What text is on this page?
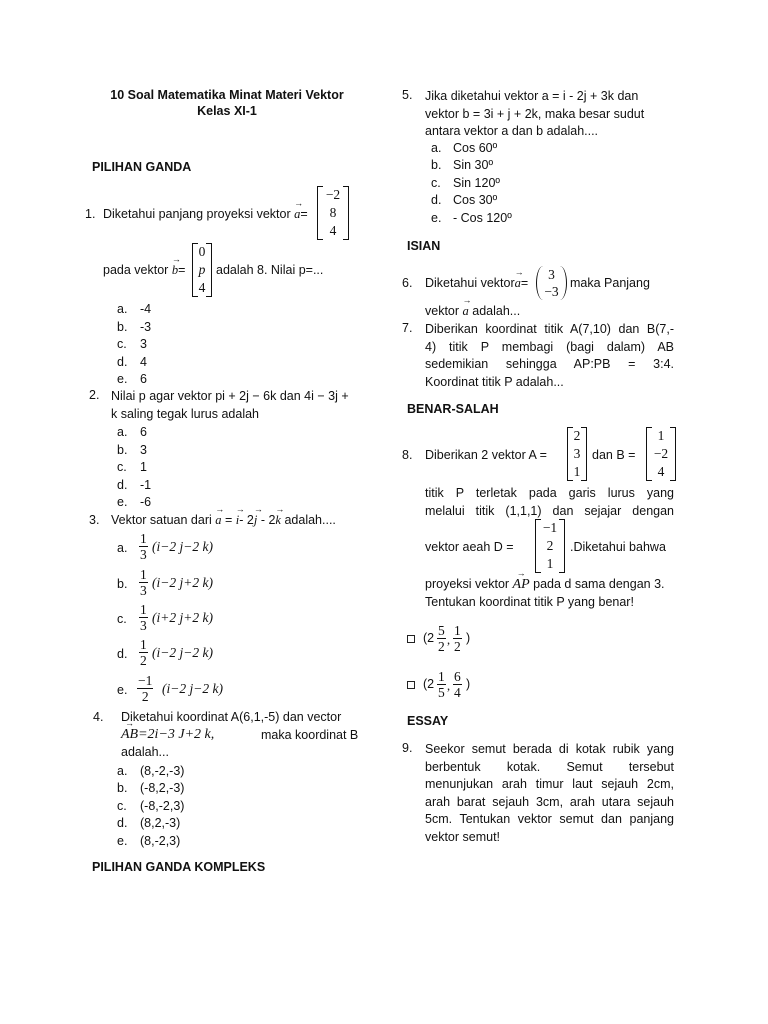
10 Soal Matematika Minat Materi Vektor
Kelas XI-1
PILIHAN GANDA
1. Diketahui panjang proyeksi vektor → a=
−2
8
4
pada vektor → b=
0
p
4
adalah 8. Nilai p=...
a. -4
b. -3
c. 3
d. 4
e. 6
2. Nilai p agar vektor pi + 2j − 6k dan 4i − 3j +
k saling tegak lurus adalah
a. 6
b. 3
c. 1
d. -1
e. -6
3. Vektor satuan dari → a = → i- 2→ j - 2→ k adalah....
a. $\frac{1}{3} (i-2$ j−2 k)
b. $\frac{1}{3} (i-2$ j+2 k)
c. $\frac{1}{3} (i+2$ j+2 k)
d. $\frac{1}{2} (i-2$ j−2 k)
e. $\frac{-1}{2} (i-2$ j−2 k)
4. Diketahui koordinat A(6,1,-5) dan vector
→ AB=2i−3 J+2 k,	maka koordinat B
adalah...
a. (8,-2,-3)
b. (-8,2,-3)
c. (-8,-2,3)
d. (8,2,-3)
e. (8,-2,3)
PILIHAN GANDA KOMPLEKS
5. Jika diketahui vektor a = i - 2j + 3k dan
vektor b = 3i + j + 2k, maka besar sudut
antara vektor a dan b adalah....
a. Cos 60º
b. Sin 30º
c. Sin 120º
d. Cos 30º
e. - Cos 120º
ISIAN
6. Diketahui vektor→ a=
3
−3
maka Panjang
vektor → a adalah...
7. Diberikan koordinat titik A(7,10) dan B(7,-
4) titik P membagi (bagi dalam) AB
sedemikian sehingga AP:PB = 3:4.
Koordinat titik P adalah...
BENAR-SALAH
8. Diberikan 2 vektor A =
2
3
1
dan B =
1
−2
4
titik P terletak pada garis lurus yang
melalui titik (1,1,1) dan sejajar dengan
vektor aeah D =
−1
2
1
.Diketahui bahwa
proyeksi vektor → AP pada d sama dengan 3.
Tentukan koordinat titik P yang benar!
($2 \frac{5}{2}$ , $\frac{1}{2}$ )
($2 \frac{1}{5}$ , $\frac{6}{4}$ )
ESSAY
9. Seekor semut berada di kotak rubik yang
berbentuk kotak. Semut tersebut
menunjukan arah timur laut sejauh 2cm,
arah barat sejauh 3cm, arah utara sejauh
5cm. Tentukan vektor semut dan panjang
vektor semut!
